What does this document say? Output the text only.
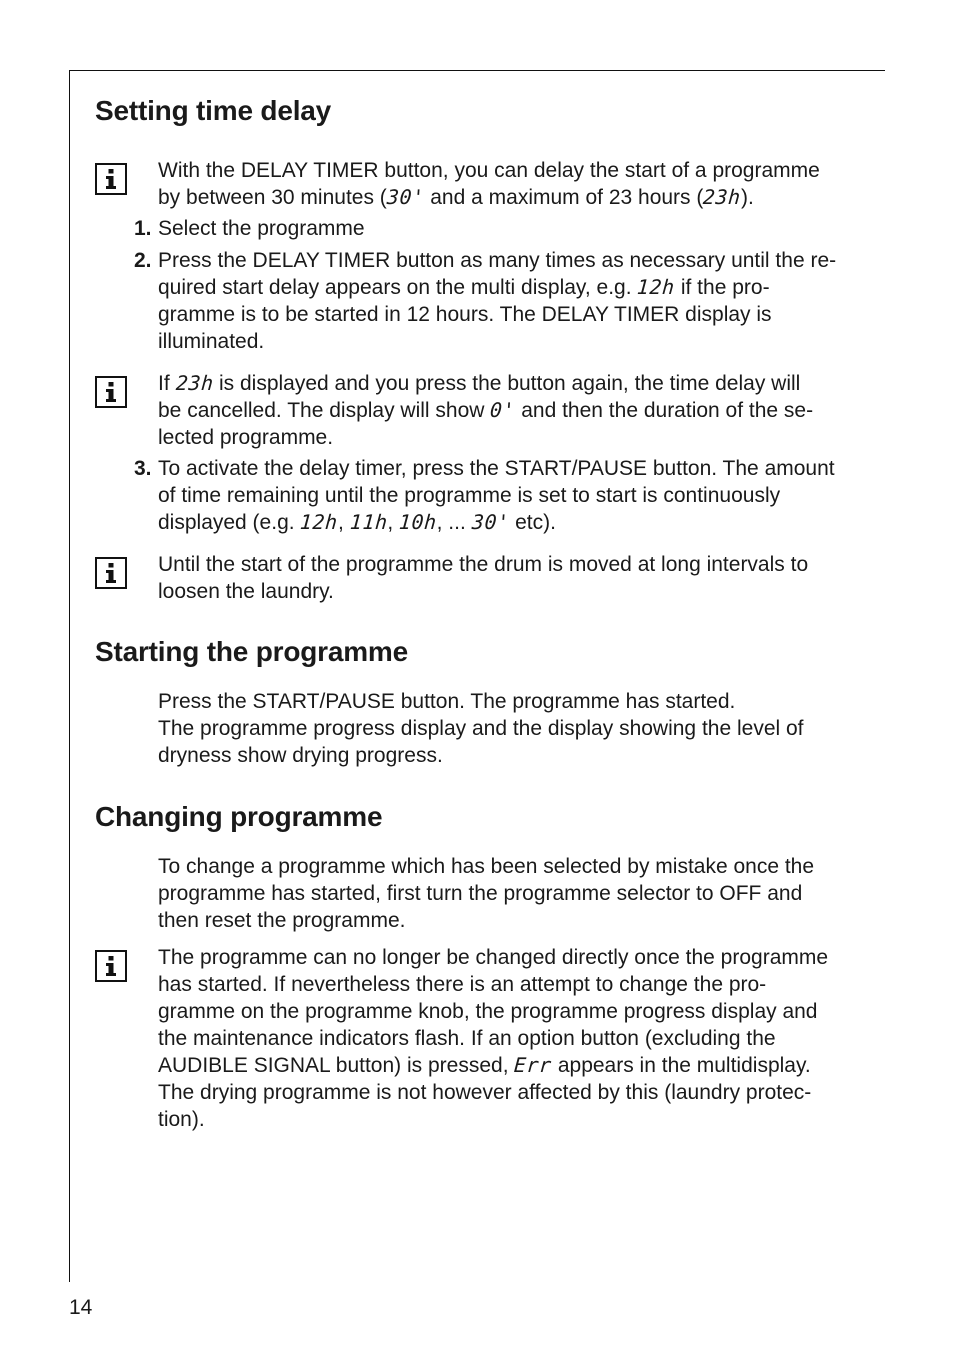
Setting time delay
With the DELAY TIMER button, you can delay the start of a programme
by between 30 minutes (30' and a maximum of 23 hours (23h).
1. Select the programme
2. Press the DELAY TIMER button as many times as necessary until the re-
quired start delay appears on the multi display, e.g. 12h if the pro-
gramme is to be started in 12 hours. The DELAY TIMER display is
illuminated.
If 23h is displayed and you press the button again, the time delay will
be cancelled. The display will show 0' and then the duration of the se-
lected programme.
3. To activate the delay timer, press the START/PAUSE button. The amount
of time remaining until the programme is set to start is continuously
displayed (e.g. 12h, 11h, 10h, ... 30' etc).
Until the start of the programme the drum is moved at long intervals to
loosen the laundry.
Starting the programme
Press the START/PAUSE button. The programme has started.
The programme progress display and the display showing the level of
dryness show drying progress.
Changing programme
To change a programme which has been selected by mistake once the
programme has started, first turn the programme selector to OFF and
then reset the programme.
The programme can no longer be changed directly once the programme
has started. If nevertheless there is an attempt to change the pro-
gramme on the programme knob, the programme progress display and
the maintenance indicators flash. If an option button (excluding the
AUDIBLE SIGNAL button) is pressed, Err appears in the multidisplay.
The drying programme is not however affected by this (laundry protec-
tion).
14
